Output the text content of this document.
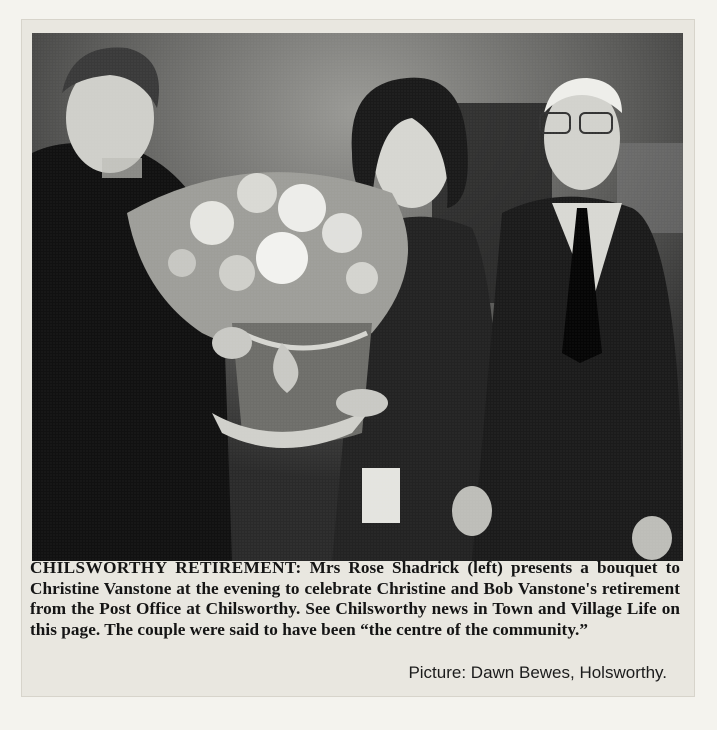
CHILSWORTHY RETIREMENT: Mrs Rose Shadrick (left) presents a bouquet to Christine Vanstone at the evening to celebrate Christine and Bob Vanstone's retirement from the Post Office at Chilsworthy. See Chilsworthy news in Town and Village Life on this page. The couple were said to have been “the centre of the community.”
Picture: Dawn Bewes, Holsworthy.
